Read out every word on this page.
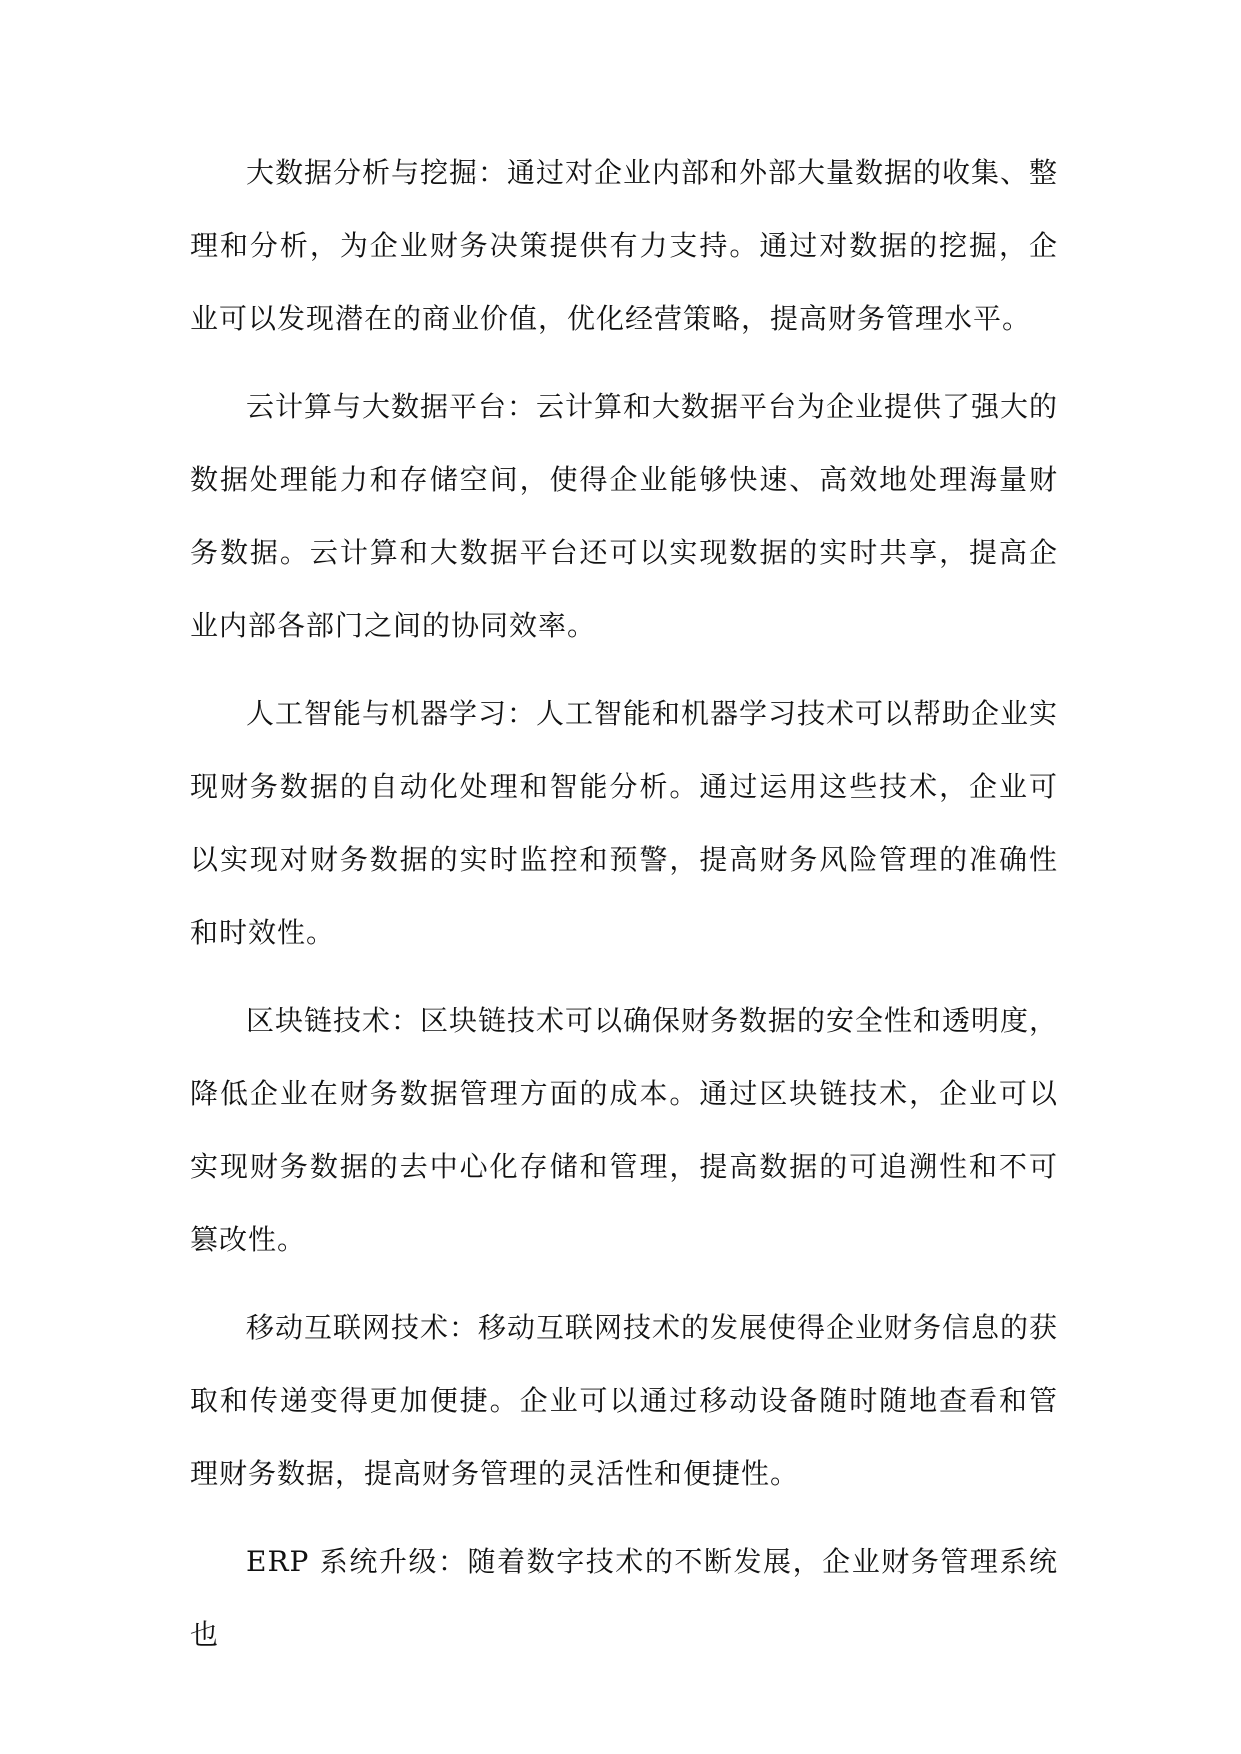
大数据分析与挖掘：通过对企业内部和外部大量数据的收集、整理和分析，为企业财务决策提供有力支持。通过对数据的挖掘，企业可以发现潜在的商业价值，优化经营策略，提高财务管理水平。

云计算与大数据平台：云计算和大数据平台为企业提供了强大的数据处理能力和存储空间，使得企业能够快速、高效地处理海量财务数据。云计算和大数据平台还可以实现数据的实时共享，提高企业内部各部门之间的协同效率。

人工智能与机器学习：人工智能和机器学习技术可以帮助企业实现财务数据的自动化处理和智能分析。通过运用这些技术，企业可以实现对财务数据的实时监控和预警，提高财务风险管理的准确性和时效性。

区块链技术：区块链技术可以确保财务数据的安全性和透明度，降低企业在财务数据管理方面的成本。通过区块链技术，企业可以实现财务数据的去中心化存储和管理，提高数据的可追溯性和不可篡改性。

移动互联网技术：移动互联网技术的发展使得企业财务信息的获取和传递变得更加便捷。企业可以通过移动设备随时随地查看和管理财务数据，提高财务管理的灵活性和便捷性。

ERP 系统升级：随着数字技术的不断发展，企业财务管理系统也
